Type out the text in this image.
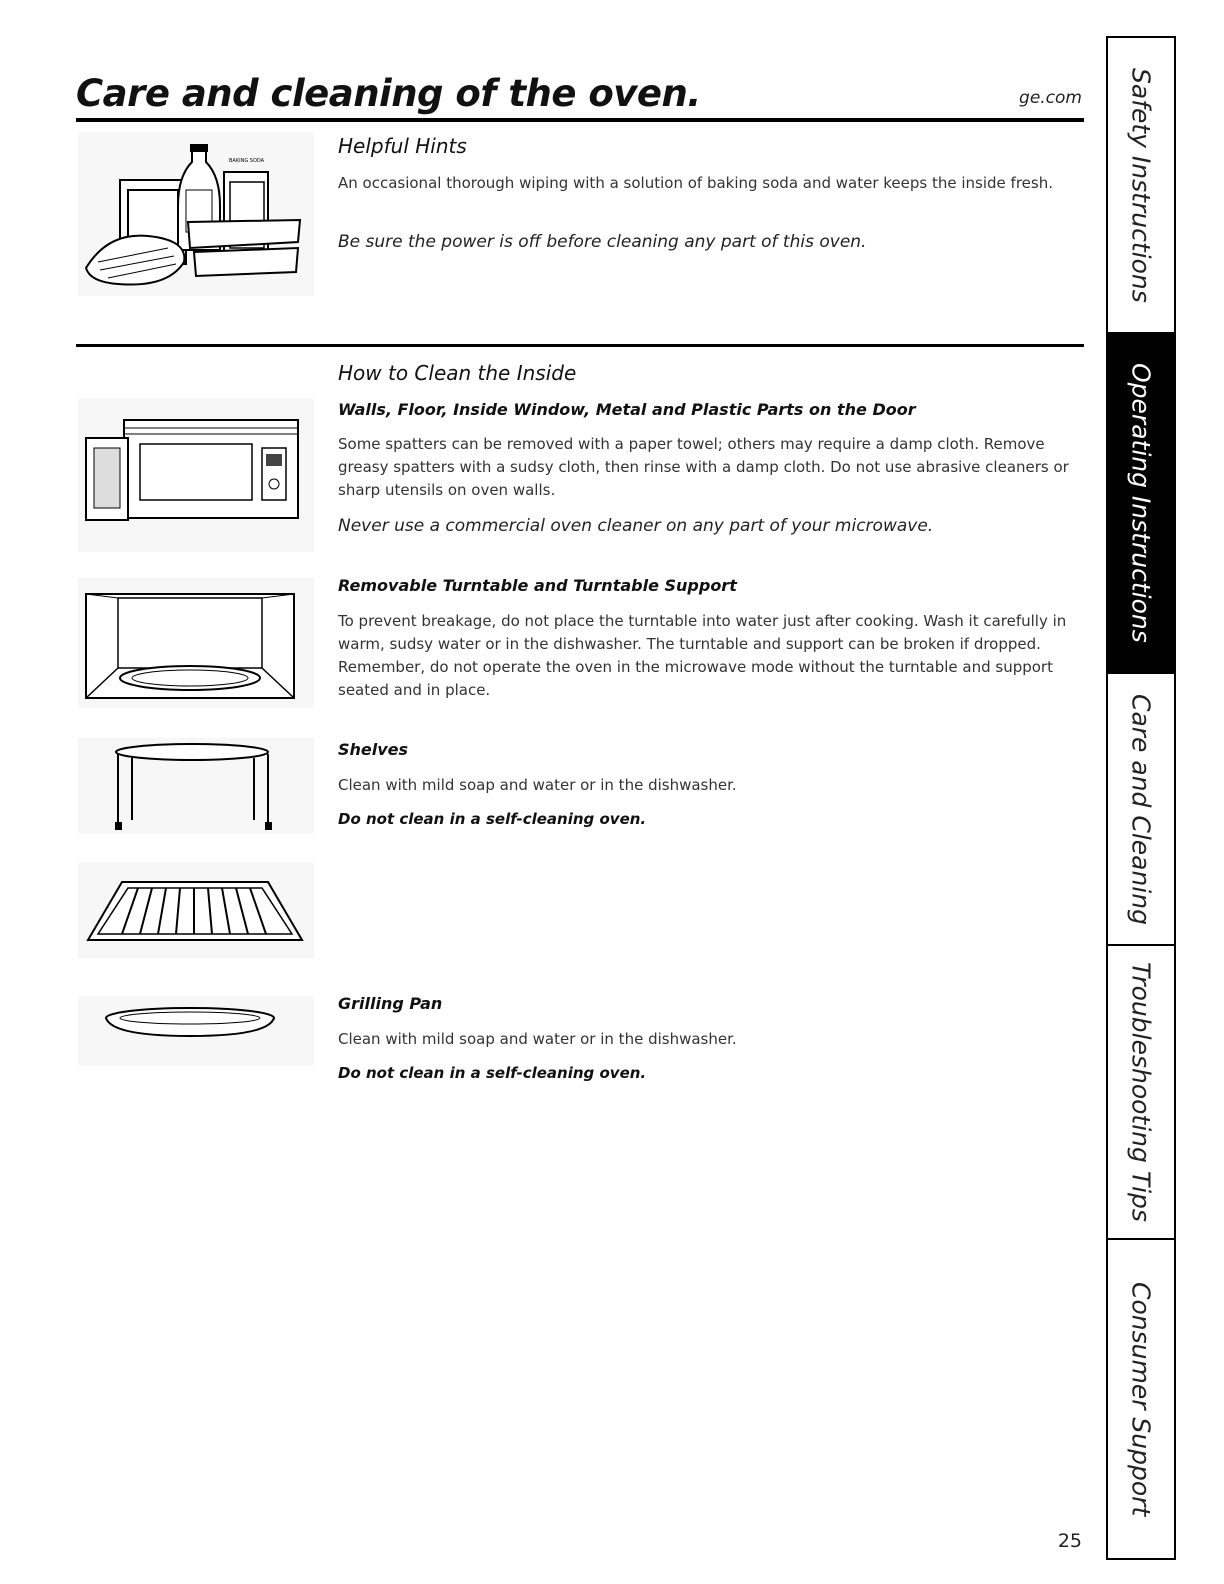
Care and cleaning of the oven.	ge.com
BAKING SODA
Helpful Hints
An occasional thorough wiping with a solution of baking soda and water keeps the inside fresh.
Be sure the power is off before cleaning any part of this oven.
How to Clean the Inside
Walls, Floor, Inside Window, Metal and Plastic Parts on the Door
Some spatters can be removed with a paper towel; others may require a damp cloth. Remove greasy spatters with a sudsy cloth, then rinse with a damp cloth. Do not use abrasive cleaners or sharp utensils on oven walls.
Never use a commercial oven cleaner on any part of your microwave.
Removable Turntable and Turntable Support
To prevent breakage, do not place the turntable into water just after cooking. Wash it carefully in warm, sudsy water or in the dishwasher. The turntable and support can be broken if dropped. Remember, do not operate the oven in the microwave mode without the turntable and support seated and in place.
Shelves
Clean with mild soap and water or in the dishwasher.
Do not clean in a self-cleaning oven.
Grilling Pan
Clean with mild soap and water or in the dishwasher.
Do not clean in a self-cleaning oven.
Safety Instructions
Operating Instructions
Care and Cleaning
Troubleshooting Tips
Consumer Support
25
